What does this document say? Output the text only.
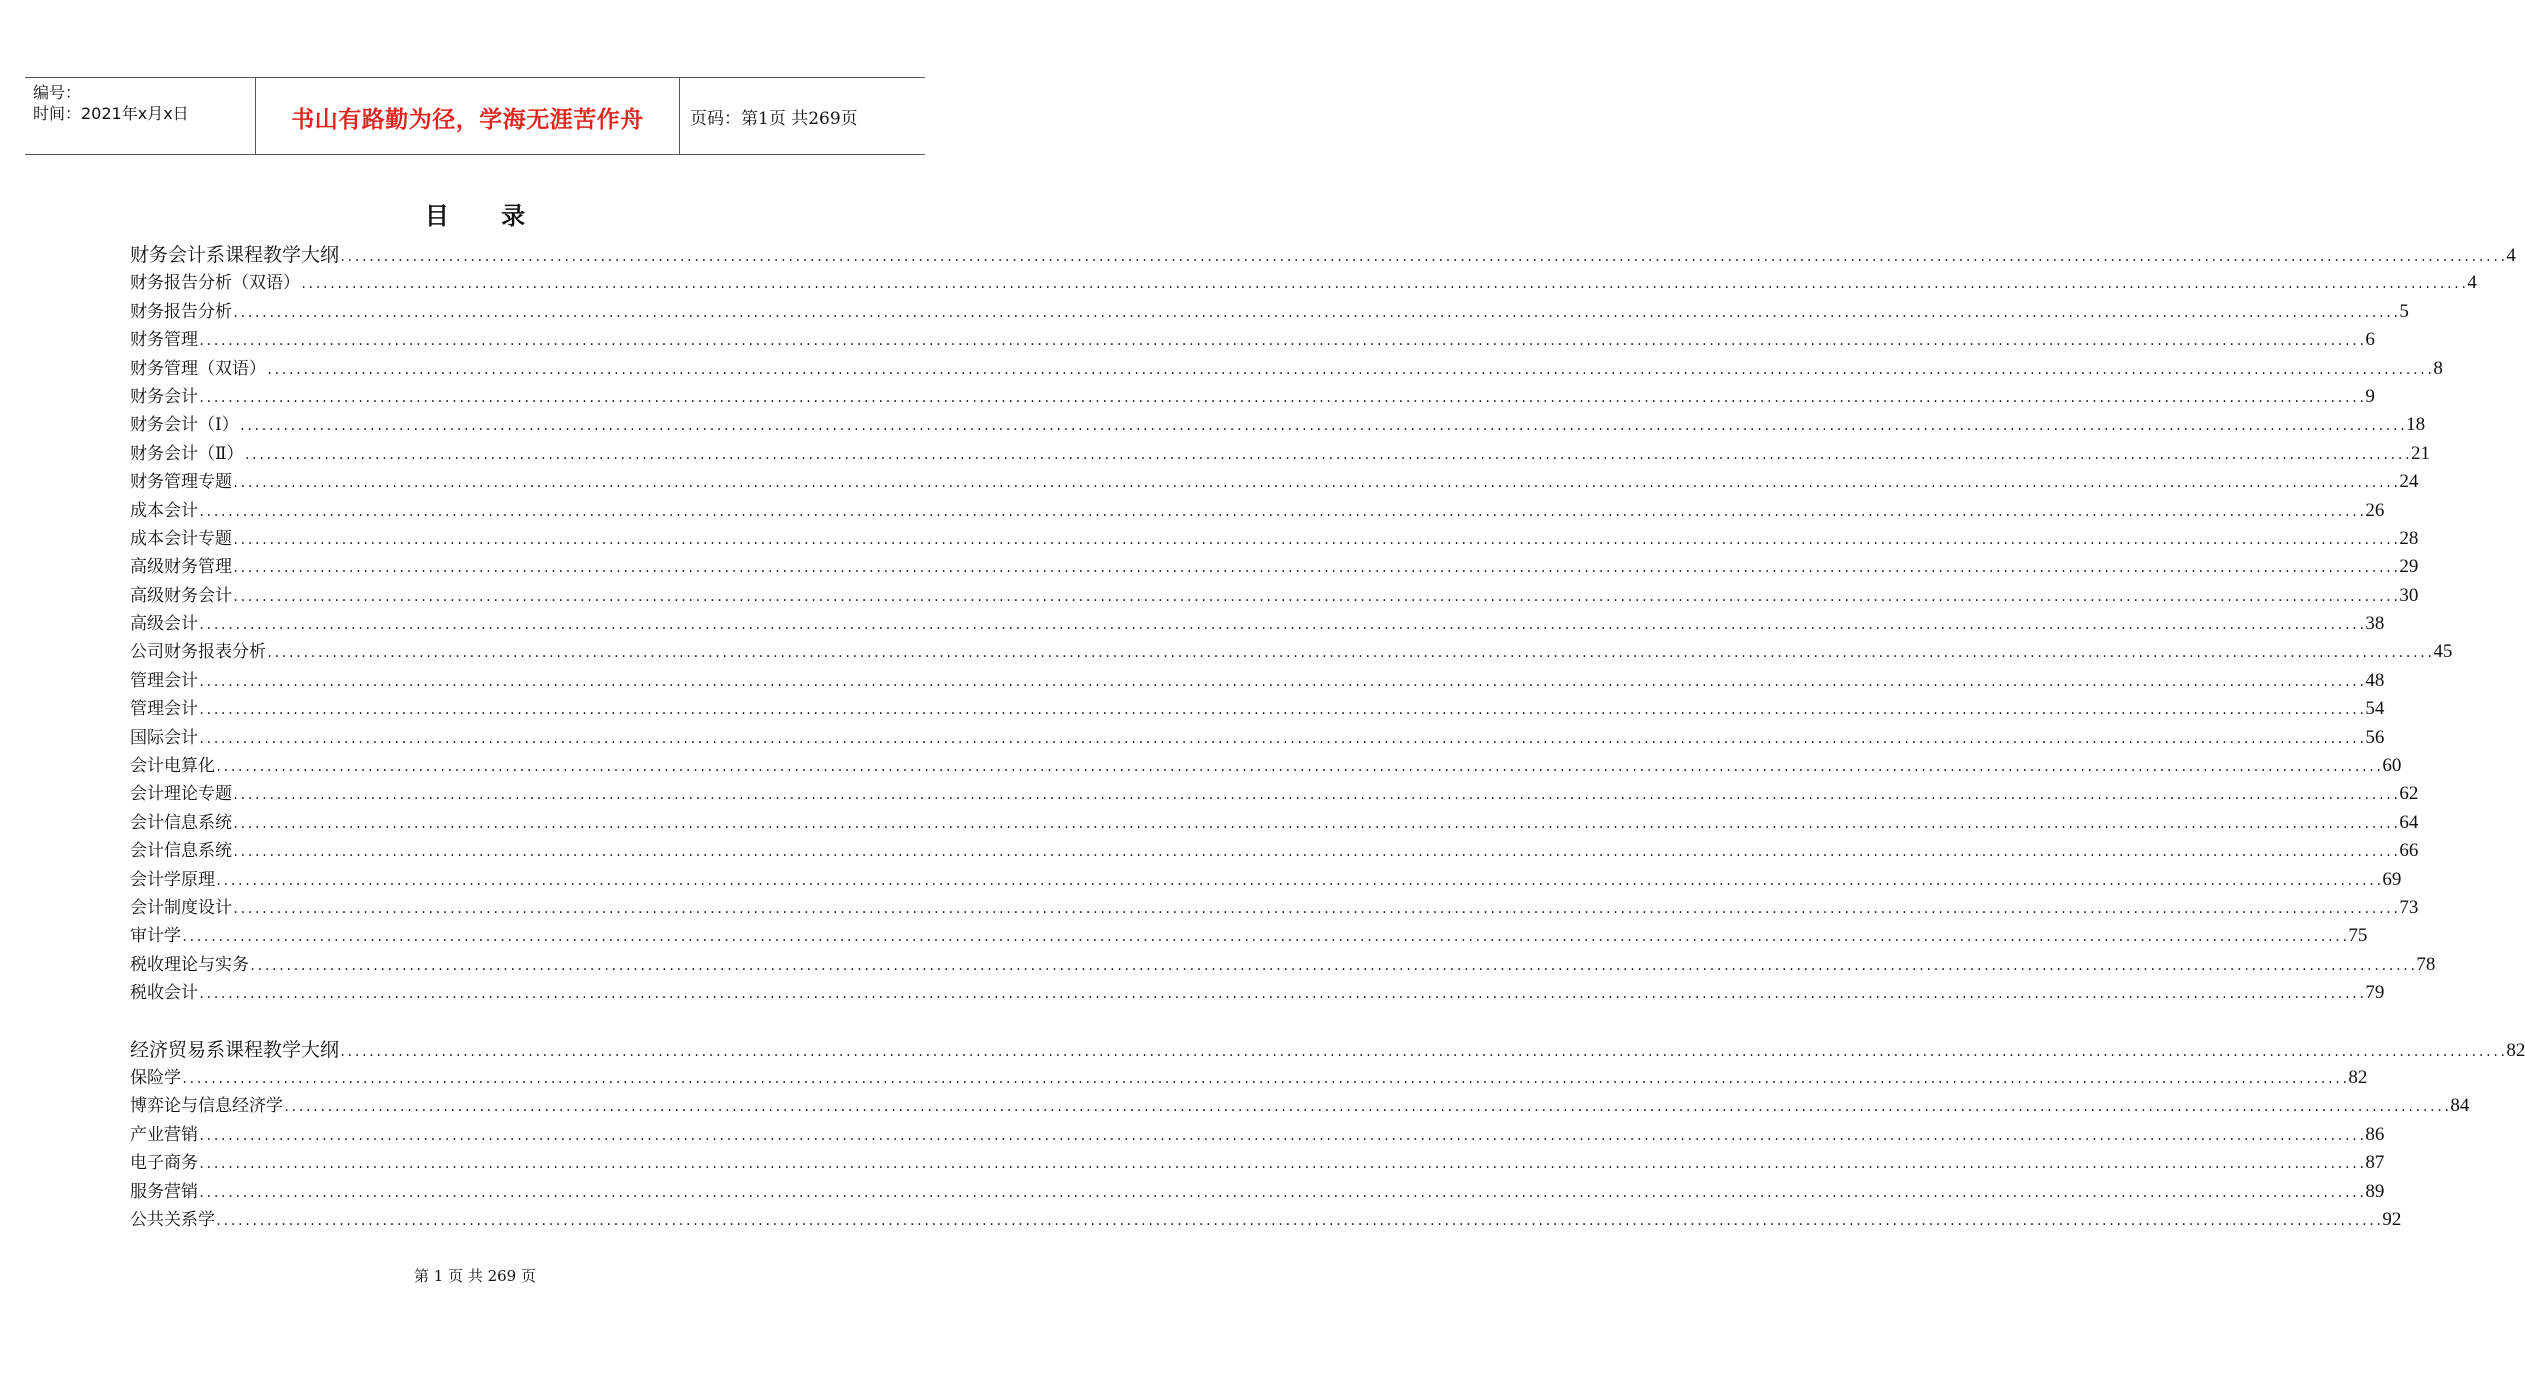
编号：
时间：2021年x月x日	书山有路勤为径，学海无涯苦作舟	页码：第1页 共269页
目 录
财务会计系课程教学大纲 ............................................................................................................................................................................................................................................................................................................ 4
财务报告分析（双语） ............................................................................................................................................................................................................................................................................................................ 4
财务报告分析 ............................................................................................................................................................................................................................................................................................................ 5
财务管理 ............................................................................................................................................................................................................................................................................................................ 6
财务管理（双语） ............................................................................................................................................................................................................................................................................................................ 8
财务会计 ............................................................................................................................................................................................................................................................................................................ 9
财务会计（Ⅰ） ............................................................................................................................................................................................................................................................................................................ 18
财务会计（Ⅱ） ............................................................................................................................................................................................................................................................................................................ 21
财务管理专题 ............................................................................................................................................................................................................................................................................................................ 24
成本会计 ............................................................................................................................................................................................................................................................................................................ 26
成本会计专题 ............................................................................................................................................................................................................................................................................................................ 28
高级财务管理 ............................................................................................................................................................................................................................................................................................................ 29
高级财务会计 ............................................................................................................................................................................................................................................................................................................ 30
高级会计 ............................................................................................................................................................................................................................................................................................................ 38
公司财务报表分析 ............................................................................................................................................................................................................................................................................................................ 45
管理会计 ............................................................................................................................................................................................................................................................................................................ 48
管理会计 ............................................................................................................................................................................................................................................................................................................ 54
国际会计 ............................................................................................................................................................................................................................................................................................................ 56
会计电算化 ............................................................................................................................................................................................................................................................................................................ 60
会计理论专题 ............................................................................................................................................................................................................................................................................................................ 62
会计信息系统 ............................................................................................................................................................................................................................................................................................................ 64
会计信息系统 ............................................................................................................................................................................................................................................................................................................ 66
会计学原理 ............................................................................................................................................................................................................................................................................................................ 69
会计制度设计 ............................................................................................................................................................................................................................................................................................................ 73
审计学 ............................................................................................................................................................................................................................................................................................................ 75
税收理论与实务 ............................................................................................................................................................................................................................................................................................................ 78
税收会计 ............................................................................................................................................................................................................................................................................................................ 79
经济贸易系课程教学大纲 ............................................................................................................................................................................................................................................................................................................ 82
保险学 ............................................................................................................................................................................................................................................................................................................ 82
博弈论与信息经济学 ............................................................................................................................................................................................................................................................................................................ 84
产业营销 ............................................................................................................................................................................................................................................................................................................ 86
电子商务 ............................................................................................................................................................................................................................................................................................................ 87
服务营销 ............................................................................................................................................................................................................................................................................................................ 89
公共关系学 ............................................................................................................................................................................................................................................................................................................ 92
第 1 页 共 269 页
